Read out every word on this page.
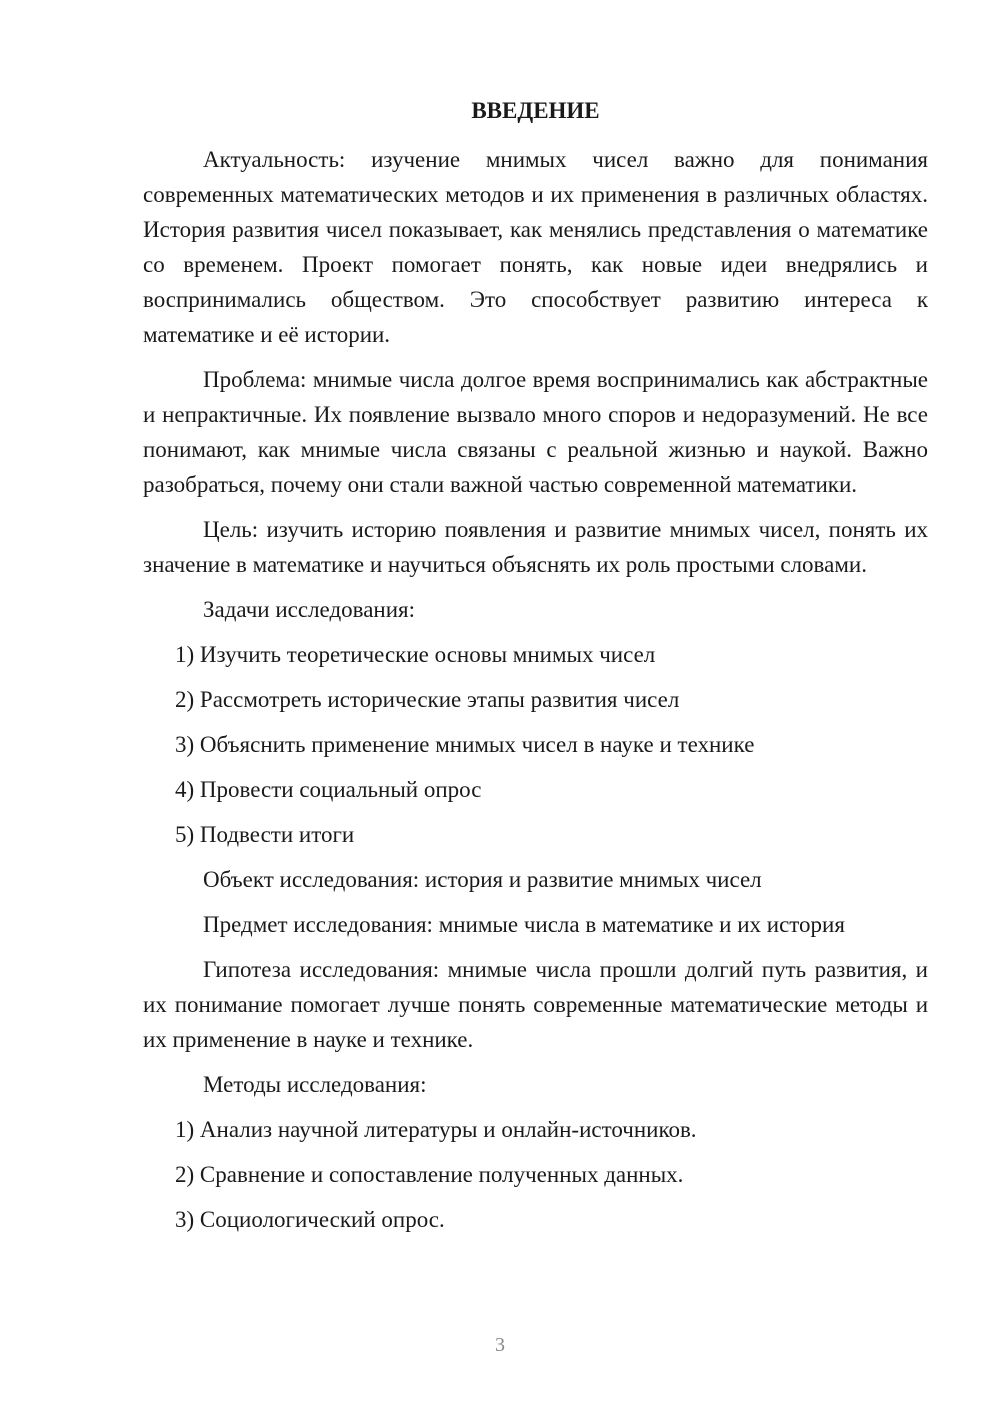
ВВЕДЕНИЕ

Актуальность: изучение мнимых чисел важно для понимания современных математических методов и их применения в различных областях. История развития чисел показывает, как менялись представления о математике со временем. Проект помогает понять, как новые идеи внедрялись и воспринимались обществом. Это способствует развитию интереса к математике и её истории.

Проблема: мнимые числа долгое время воспринимались как абстрактные и непрактичные. Их появление вызвало много споров и недоразумений. Не все понимают, как мнимые числа связаны с реальной жизнью и наукой. Важно разобраться, почему они стали важной частью современной математики.

Цель: изучить историю появления и развитие мнимых чисел, понять их значение в математике и научиться объяснять их роль простыми словами.

Задачи исследования:

1) Изучить теоретические основы мнимых чисел
2) Рассмотреть исторические этапы развития чисел
3) Объяснить применение мнимых чисел в науке и технике
4) Провести социальный опрос
5) Подвести итоги

Объект исследования: история и развитие мнимых чисел

Предмет исследования: мнимые числа в математике и их история

Гипотеза исследования: мнимые числа прошли долгий путь развития, и их понимание помогает лучше понять современные математические методы и их применение в науке и технике.

Методы исследования:

1) Анализ научной литературы и онлайн-источников.
2) Сравнение и сопоставление полученных данных.
3) Социологический опрос.
3
